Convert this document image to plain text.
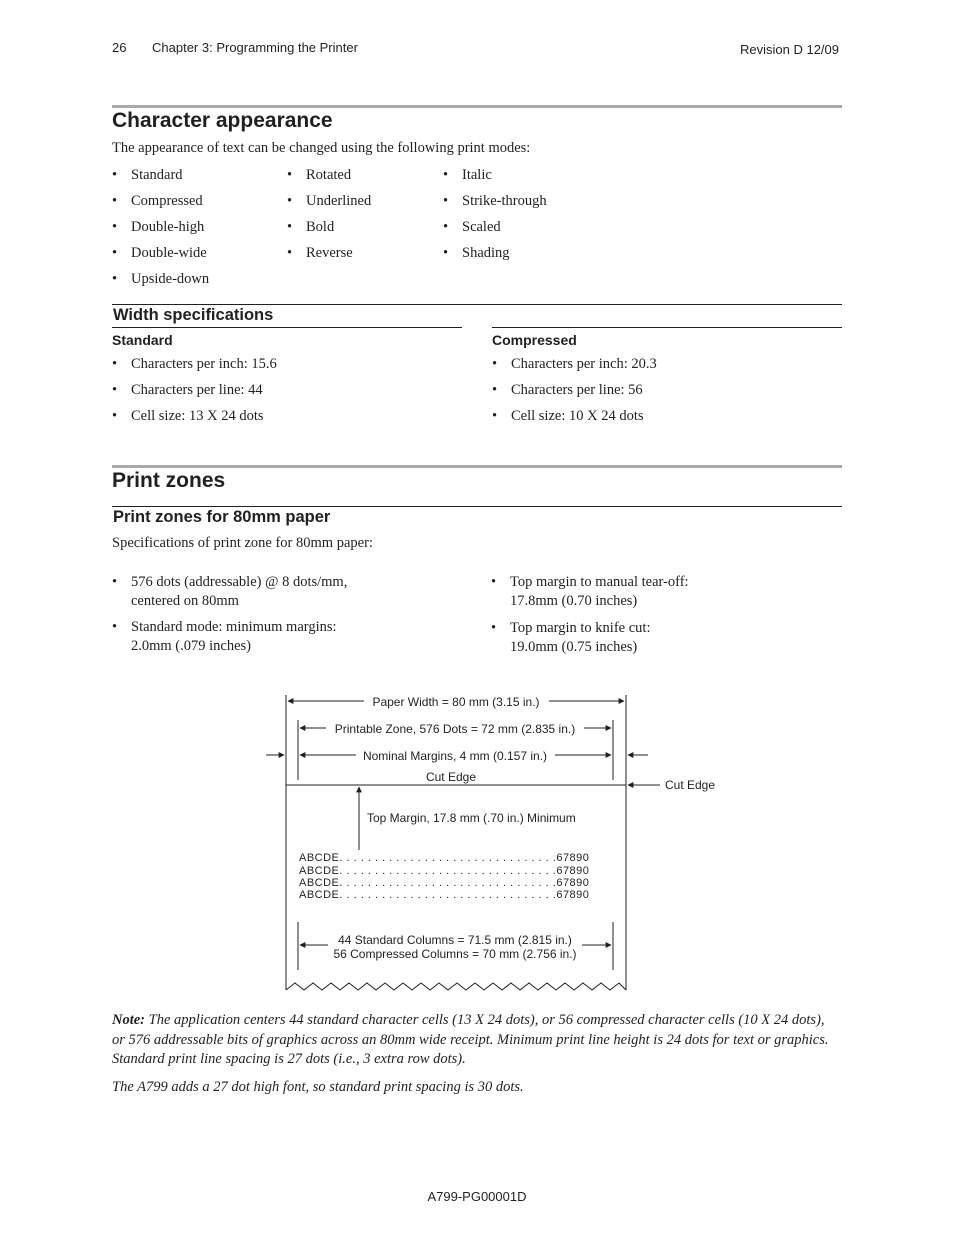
26 Chapter 3: Programming the Printer	Revision D 12/09
Character appearance
The appearance of text can be changed using the following print modes:
• Standard
• Compressed
• Double-high
• Double-wide
• Upside-down
• Rotated
• Underlined
• Bold
• Reverse
• Italic
• Strike-through
• Scaled
• Shading
Width specifications
Standard	Compressed
• Characters per inch: 15.6
• Characters per line: 44
• Cell size: 13 X 24 dots
• Characters per inch: 20.3
• Characters per line: 56
• Cell size: 10 X 24 dots
Print zones
Print zones for 80mm paper
Specifications of print zone for 80mm paper:
• 576 dots (addressable) @ 8 dots/mm,
centered on 80mm
• Standard mode: minimum margins:
2.0mm (.079 inches)
• Top margin to manual tear-off:
17.8mm (0.70 inches)
• Top margin to knife cut:
19.0mm (0.75 inches)
Paper Width = 80 mm (3.15 in.)
Printable Zone, 576 Dots = 72 mm (2.835 in.)
Nominal Margins, 4 mm (0.157 in.)
Cut Edge
Cut Edge
Top Margin, 17.8 mm (.70 in.) Minimum
ABCDE. . . . . . . . . . . . . . . . . . . . . . . . . . . . . . .67890
ABCDE. . . . . . . . . . . . . . . . . . . . . . . . . . . . . . .67890
ABCDE. . . . . . . . . . . . . . . . . . . . . . . . . . . . . . .67890
ABCDE. . . . . . . . . . . . . . . . . . . . . . . . . . . . . . .67890
44 Standard Columns = 71.5 mm (2.815 in.)
56 Compressed Columns = 70 mm (2.756 in.)
Note: The application centers 44 standard character cells (13 X 24 dots), or 56 compressed character cells (10 X 24 dots), or 576 addressable bits of graphics across an 80mm wide receipt. Minimum print line height is 24 dots for text or graphics. Standard print line spacing is 27 dots (i.e., 3 extra row dots).
The A799 adds a 27 dot high font, so standard print spacing is 30 dots.
A799-PG00001D
